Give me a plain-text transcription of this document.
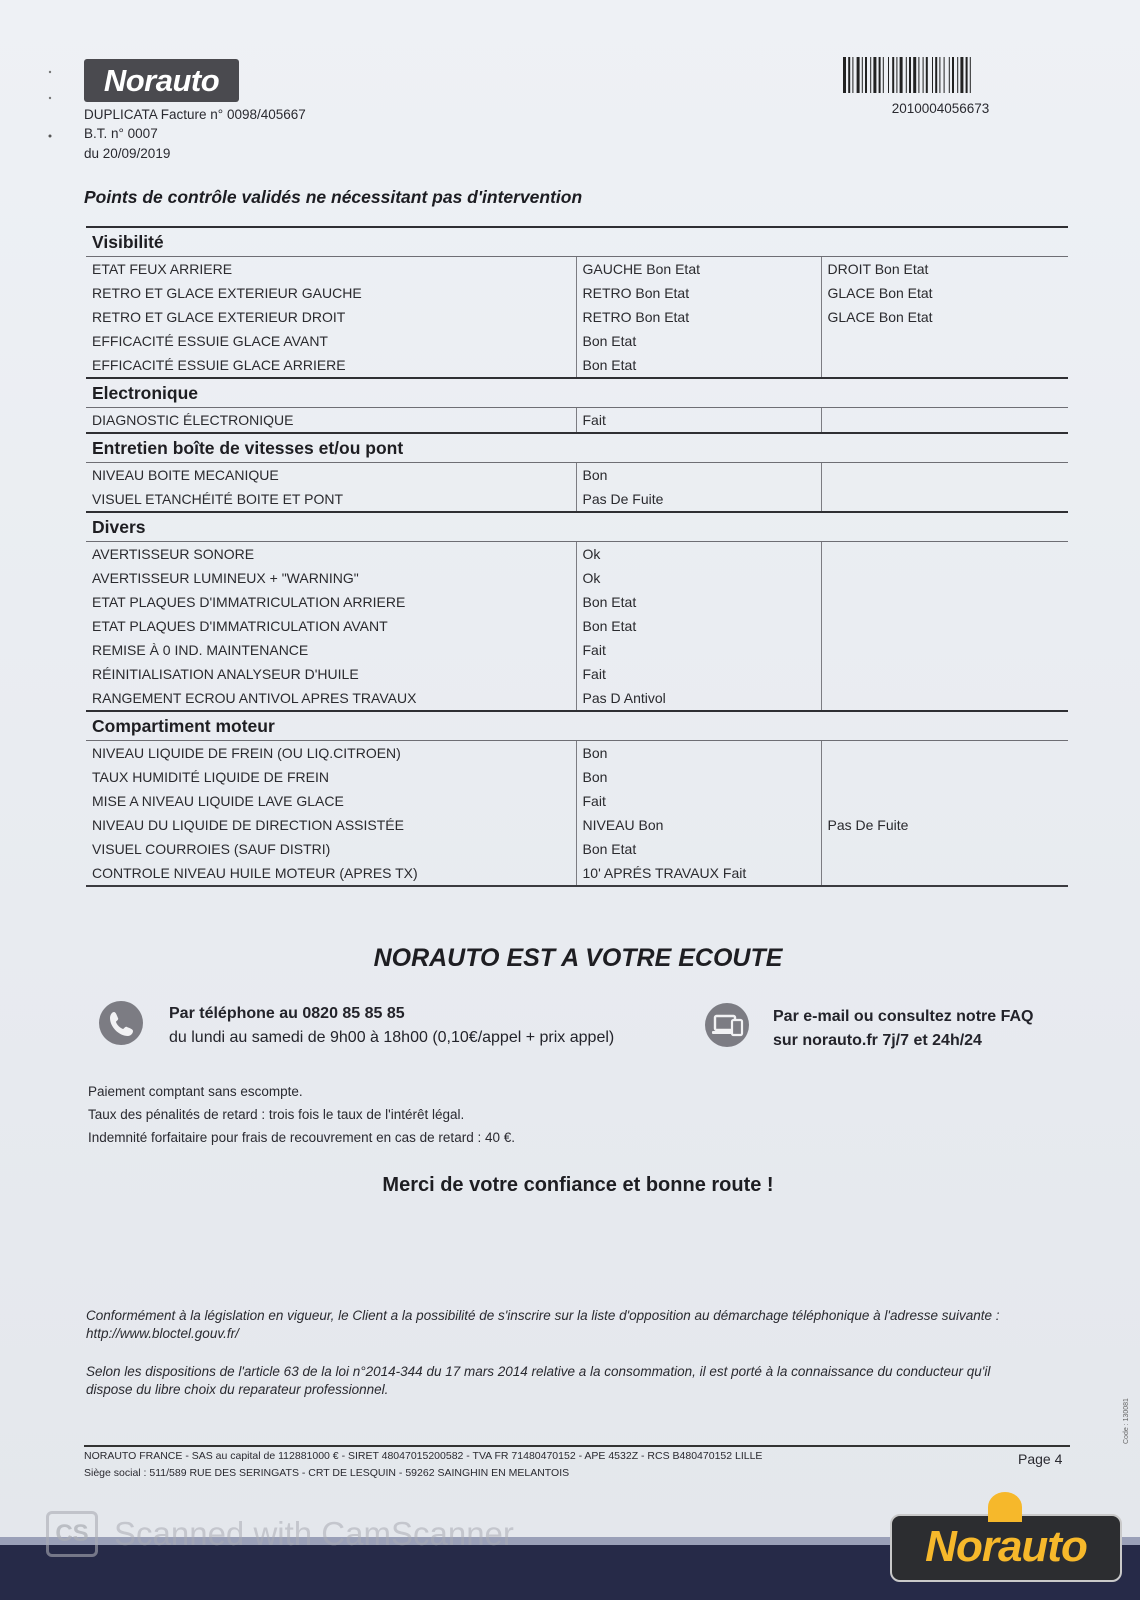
Norauto
DUPLICATA Facture n° 0098/405667
B.T. n° 0007
du 20/09/2019
2010004056673
Points de contrôle validés ne nécessitant pas d'intervention
Visibilité		
ETAT FEUX ARRIERE	GAUCHE Bon Etat	DROIT Bon Etat
RETRO ET GLACE EXTERIEUR GAUCHE	RETRO Bon Etat	GLACE Bon Etat
RETRO ET GLACE EXTERIEUR DROIT	RETRO Bon Etat	GLACE Bon Etat
EFFICACITÉ ESSUIE GLACE AVANT	Bon Etat	
EFFICACITÉ ESSUIE GLACE ARRIERE	Bon Etat	
Electronique		
DIAGNOSTIC ÉLECTRONIQUE	Fait	
Entretien boîte de vitesses et/ou pont		
NIVEAU BOITE MECANIQUE	Bon	
VISUEL ETANCHÉITÉ BOITE ET PONT	Pas De Fuite	
Divers		
AVERTISSEUR SONORE	Ok	
AVERTISSEUR LUMINEUX + "WARNING"	Ok	
ETAT PLAQUES D'IMMATRICULATION ARRIERE	Bon Etat	
ETAT PLAQUES D'IMMATRICULATION AVANT	Bon Etat	
REMISE À 0 IND. MAINTENANCE	Fait	
RÉINITIALISATION ANALYSEUR D'HUILE	Fait	
RANGEMENT ECROU ANTIVOL APRES TRAVAUX	Pas D Antivol	
Compartiment moteur		
NIVEAU LIQUIDE DE FREIN (OU LIQ.CITROEN)	Bon	
TAUX HUMIDITÉ LIQUIDE DE FREIN	Bon	
MISE A NIVEAU LIQUIDE LAVE GLACE	Fait	
NIVEAU DU LIQUIDE DE DIRECTION ASSISTÉE	NIVEAU Bon	Pas De Fuite
VISUEL COURROIES (SAUF DISTRI)	Bon Etat	
CONTROLE NIVEAU HUILE MOTEUR (APRES TX)	10' APRÉS TRAVAUX Fait	
NORAUTO EST A VOTRE ECOUTE
Par téléphone au 0820 85 85 85
du lundi au samedi de 9h00 à 18h00 (0,10€/appel + prix appel)
Par e-mail ou consultez notre FAQ
sur norauto.fr 7j/7 et 24h/24
Paiement comptant sans escompte.
Taux des pénalités de retard : trois fois le taux de l'intérêt légal.
Indemnité forfaitaire pour frais de recouvrement en cas de retard : 40 €.
Merci de votre confiance et bonne route !
Conformément à la législation en vigueur, le Client a la possibilité de s'inscrire sur la liste d'opposition au démarchage téléphonique à l'adresse suivante : http://www.bloctel.gouv.fr/
Selon les dispositions de l'article 63 de la loi n°2014-344 du 17 mars 2014 relative a la consommation, il est porté à la connaissance du conducteur qu'il dispose du libre choix du reparateur professionnel.
NORAUTO FRANCE - SAS au capital de 112881000 € - SIRET 48047015200582 - TVA FR 71480470152 - APE 4532Z - RCS B480470152 LILLE
Siège social : 511/589 RUE DES SERINGATS - CRT DE LESQUIN - 59262 SAINGHIN EN MELANTOIS
Page 4
Code : 130081
CS Scanned with CamScanner	Norauto
